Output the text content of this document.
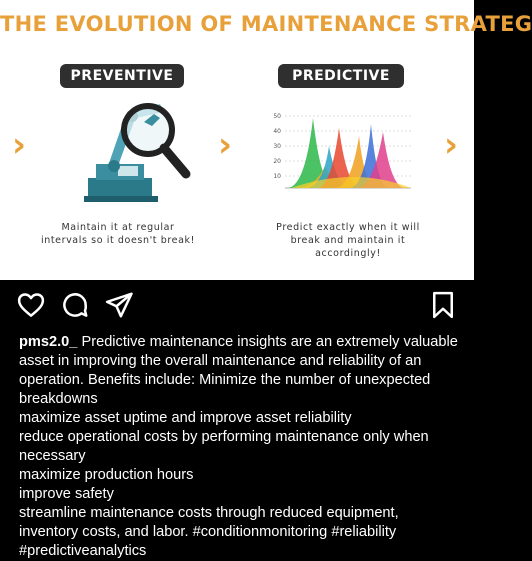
THE EVOLUTION OF MAINTENANCE STRATEG
PREVENTIVE	PREDICTIVE
›	›	›
50
40
30
20
10
Maintain it at regular
intervals so it doesn't break!
Predict exactly when it will
break and maintain it
accordingly!

pms2.0_ Predictive maintenance insights are an extremely valuable asset in improving the overall maintenance and reliability of an operation. Benefits include: Minimize the number of unexpected breakdowns

maximize asset uptime and improve asset reliability

reduce operational costs by performing maintenance only when necessary

maximize production hours

improve safety

streamline maintenance costs through reduced equipment, inventory costs, and labor. #conditionmonitoring #reliability #predictiveanalytics
